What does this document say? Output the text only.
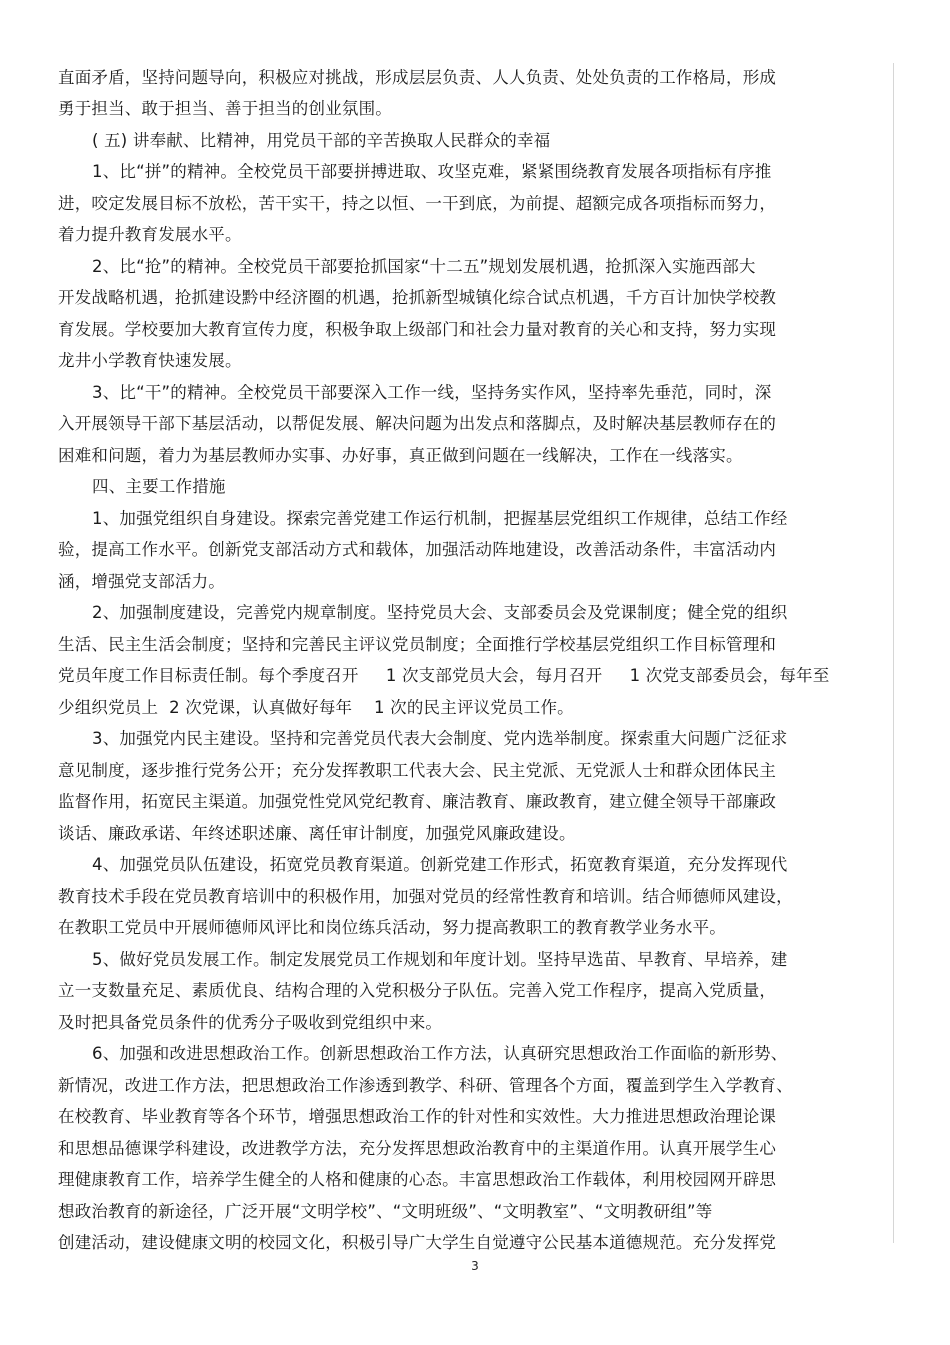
直面矛盾，坚持问题导向，积极应对挑战，形成层层负责、人人负责、处处负责的工作格局，形成
勇于担当、敢于担当、善于担当的创业氛围。
( 五) 讲奉献、比精神，用党员干部的辛苦换取人民群众的幸福
1、比“拼”的精神。全校党员干部要拼搏进取、攻坚克难，紧紧围绕教育发展各项指标有序推
进，咬定发展目标不放松，苦干实干，持之以恒、一干到底，为前提、超额完成各项指标而努力，
着力提升教育发展水平。
2、比“抢”的精神。全校党员干部要抢抓国家“十二五”规划发展机遇，抢抓深入实施西部大
开发战略机遇，抢抓建设黔中经济圈的机遇，抢抓新型城镇化综合试点机遇，千方百计加快学校教
育发展。学校要加大教育宣传力度，积极争取上级部门和社会力量对教育的关心和支持，努力实现
龙井小学教育快速发展。
3、比“干”的精神。全校党员干部要深入工作一线，坚持务实作风，坚持率先垂范，同时，深
入开展领导干部下基层活动，以帮促发展、解决问题为出发点和落脚点，及时解决基层教师存在的
困难和问题，着力为基层教师办实事、办好事，真正做到问题在一线解决，工作在一线落实。
四、主要工作措施
1、加强党组织自身建设。探索完善党建工作运行机制，把握基层党组织工作规律，总结工作经
验，提高工作水平。创新党支部活动方式和载体，加强活动阵地建设，改善活动条件，丰富活动内
涵，增强党支部活力。
2、加强制度建设，完善党内规章制度。坚持党员大会、支部委员会及党课制度；健全党的组织
生活、民主生活会制度；坚持和完善民主评议党员制度；全面推行学校基层党组织工作目标管理和
党员年度工作目标责任制。每个季度召开     1 次支部党员大会，每月召开     1 次党支部委员会，每年至
少组织党员上  2 次党课，认真做好每年    1 次的民主评议党员工作。
3、加强党内民主建设。坚持和完善党员代表大会制度、党内选举制度。探索重大问题广泛征求
意见制度，逐步推行党务公开；充分发挥教职工代表大会、民主党派、无党派人士和群众团体民主
监督作用，拓宽民主渠道。加强党性党风党纪教育、廉洁教育、廉政教育，建立健全领导干部廉政
谈话、廉政承诺、年终述职述廉、离任审计制度，加强党风廉政建设。
4、加强党员队伍建设，拓宽党员教育渠道。创新党建工作形式，拓宽教育渠道，充分发挥现代
教育技术手段在党员教育培训中的积极作用，加强对党员的经常性教育和培训。结合师德师风建设，
在教职工党员中开展师德师风评比和岗位练兵活动，努力提高教职工的教育教学业务水平。
5、做好党员发展工作。制定发展党员工作规划和年度计划。坚持早选苗、早教育、早培养，建
立一支数量充足、素质优良、结构合理的入党积极分子队伍。完善入党工作程序，提高入党质量，
及时把具备党员条件的优秀分子吸收到党组织中来。
6、加强和改进思想政治工作。创新思想政治工作方法，认真研究思想政治工作面临的新形势、
新情况，改进工作方法，把思想政治工作渗透到教学、科研、管理各个方面，覆盖到学生入学教育、
在校教育、毕业教育等各个环节，增强思想政治工作的针对性和实效性。大力推进思想政治理论课
和思想品德课学科建设，改进教学方法，充分发挥思想政治教育中的主渠道作用。认真开展学生心
理健康教育工作，培养学生健全的人格和健康的心态。丰富思想政治工作载体，利用校园网开辟思
想政治教育的新途径，广泛开展“文明学校”、“文明班级”、“文明教室”、“文明教研组”等
创建活动，建设健康文明的校园文化，积极引导广大学生自觉遵守公民基本道德规范。充分发挥党
3
